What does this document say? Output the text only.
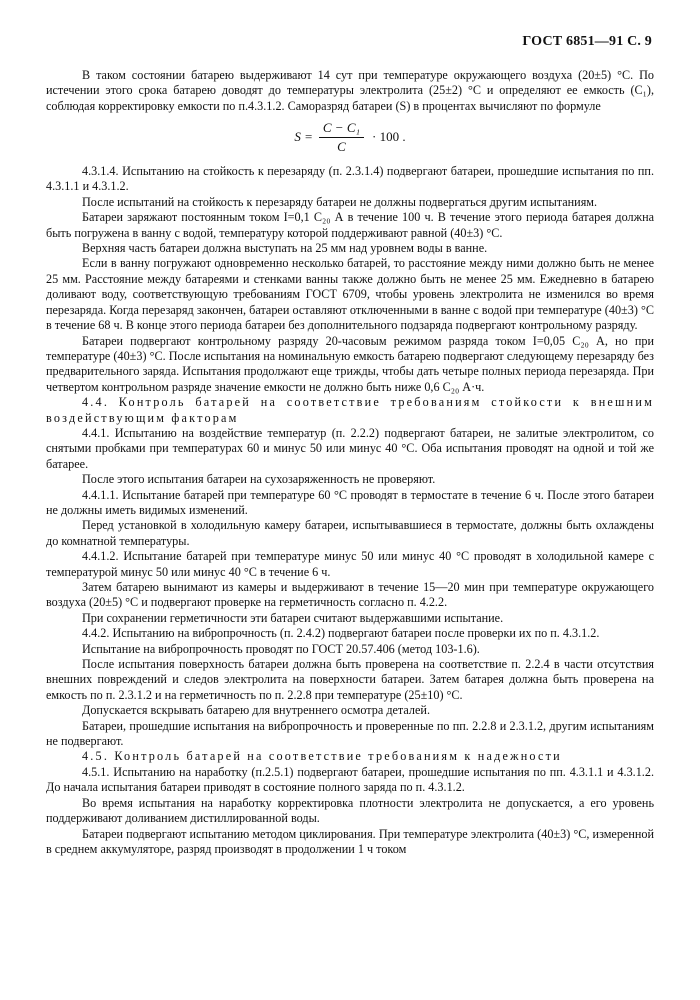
ГОСТ 6851—91 С. 9

В таком состоянии батарею выдерживают 14 сут при температуре окружающего воздуха (20±5) °С. По истечении этого срока батарею доводят до температуры электролита (25±2) °С и определяют ее емкость (C₁), соблюдая корректировку емкости по п.4.3.1.2. Саморазряд батареи (S) в процентах вычисляют по формуле

$S = \frac{\text{C − C₁}}{C} \cdot 100$ .

4.3.1.4. Испытанию на стойкость к перезаряду (п. 2.3.1.4) подвергают батареи, прошедшие испытания по пп. 4.3.1.1 и 4.3.1.2.

После испытаний на стойкость к перезаряду батареи не должны подвергаться другим испытаниям.

Батареи заряжают постоянным током I=0,1 C₂₀ А в течение 100 ч. В течение этого периода батарея должна быть погружена в ванну с водой, температуру которой поддерживают равной (40±3) °С.

Верхняя часть батареи должна выступать на 25 мм над уровнем воды в ванне.

Если в ванну погружают одновременно несколько батарей, то расстояние между ними должно быть не менее 25 мм. Расстояние между батареями и стенками ванны также должно быть не менее 25 мм. Ежедневно в батарею доливают воду, соответствующую требованиям ГОСТ 6709, чтобы уровень электролита не изменился во время перезаряда. Когда перезаряд закончен, батареи оставляют отключенными в ванне с водой при температуре (40±3) °С в течение 68 ч. В конце этого периода батареи без дополнительного подзаряда подвергают контрольному разряду.

Батареи подвергают контрольному разряду 20-часовым режимом разряда током I=0,05 C₂₀ А, но при температуре (40±3) °С. После испытания на номинальную емкость батарею подвергают следующему перезаряду без предварительного заряда. Испытания продолжают еще трижды, чтобы дать четыре полных периода перезаряда. При четвертом контрольном разряде значение емкости не должно быть ниже 0,6 C₂₀ А·ч.

4.4. Контроль батарей на соответствие требованиям стойкости к внешним воздействующим факторам

4.4.1. Испытанию на воздействие температур (п. 2.2.2) подвергают батареи, не залитые электролитом, со снятыми пробками при температурах 60 и минус 50 или минус 40 °С. Оба испытания проводят на одной и той же батарее.

После этого испытания батареи на сухозаряженность не проверяют.

4.4.1.1. Испытание батарей при температуре 60 °С проводят в термостате в течение 6 ч. После этого батареи не должны иметь видимых изменений.

Перед установкой в холодильную камеру батареи, испытывавшиеся в термостате, должны быть охлаждены до комнатной температуры.

4.4.1.2. Испытание батарей при температуре минус 50 или минус 40 °С проводят в холодильной камере с температурой минус 50 или минус 40 °С в течение 6 ч.

Затем батарею вынимают из камеры и выдерживают в течение 15—20 мин при температуре окружающего воздуха (20±5) °С и подвергают проверке на герметичность согласно п. 4.2.2.

При сохранении герметичности эти батареи считают выдержавшими испытание.

4.4.2. Испытанию на вибропрочность (п. 2.4.2) подвергают батареи после проверки их по п. 4.3.1.2.

Испытание на вибропрочность проводят по ГОСТ 20.57.406 (метод 103-1.6).

После испытания поверхность батареи должна быть проверена на соответствие п. 2.2.4 в части отсутствия внешних повреждений и следов электролита на поверхности батареи. Затем батарея должна быть проверена на емкость по п. 2.3.1.2 и на герметичность по п. 2.2.8 при температуре (25±10) °С.

Допускается вскрывать батарею для внутреннего осмотра деталей.

Батареи, прошедшие испытания на вибропрочность и проверенные по пп. 2.2.8 и 2.3.1.2, другим испытаниям не подвергают.

4.5. Контроль батарей на соответствие требованиям к надежности

4.5.1. Испытанию на наработку (п.2.5.1) подвергают батареи, прошедшие испытания по пп. 4.3.1.1 и 4.3.1.2. До начала испытания батареи приводят в состояние полного заряда по п. 4.3.1.2.

Во время испытания на наработку корректировка плотности электролита не допускается, а его уровень поддерживают доливанием дистиллированной воды.

Батареи подвергают испытанию методом циклирования. При температуре электролита (40±3) °С, измеренной в среднем аккумуляторе, разряд производят в продолжении 1 ч током
